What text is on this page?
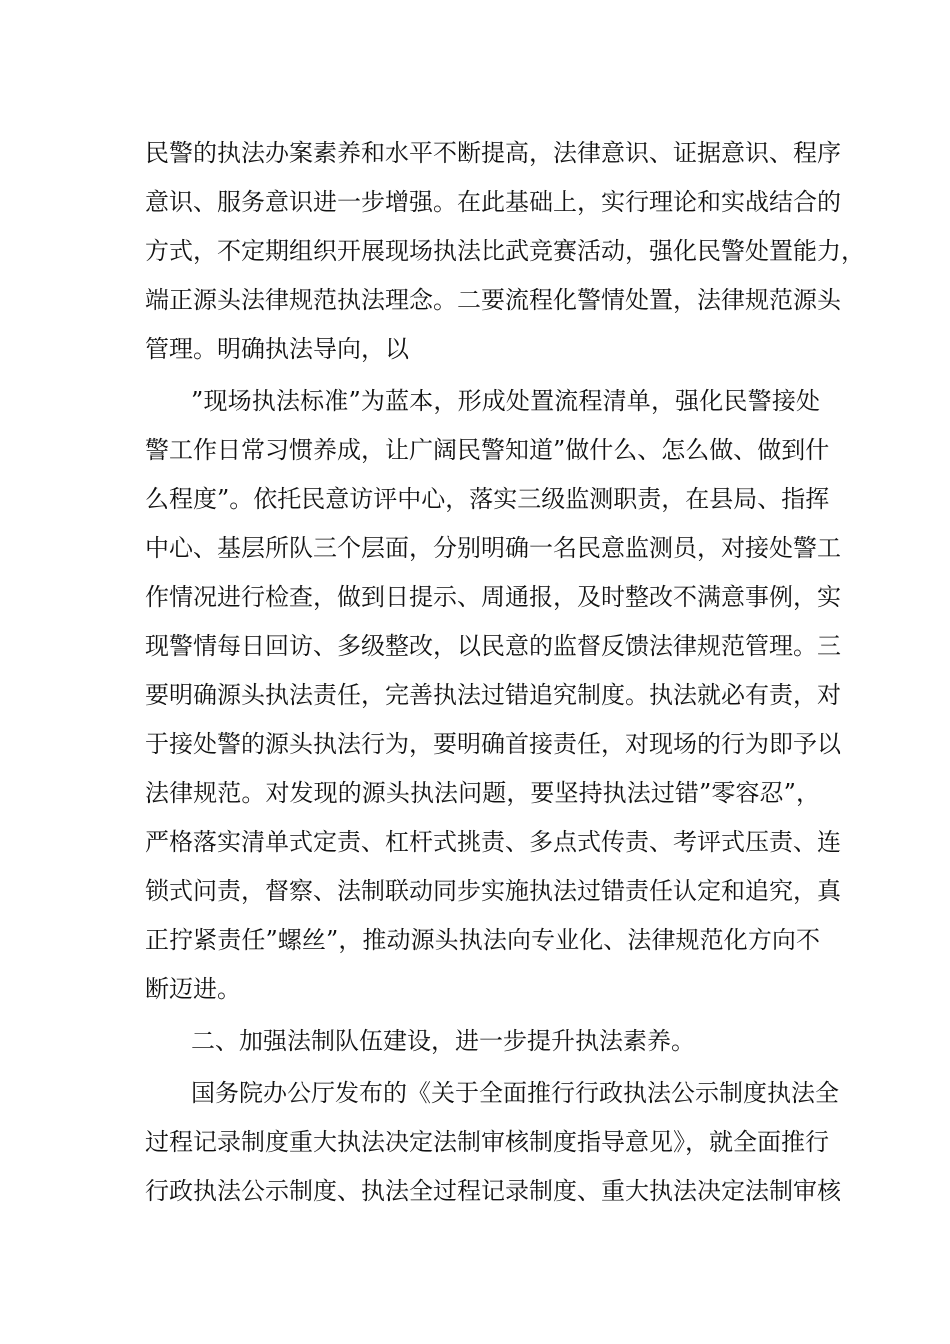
民警的执法办案素养和水平不断提高，法律意识、证据意识、程序
意识、服务意识进一步增强。在此基础上，实行理论和实战结合的
方式，不定期组织开展现场执法比武竞赛活动，强化民警处置能力，
端正源头法律规范执法理念。二要流程化警情处置，法律规范源头
管理。明确执法导向，以
”现场执法标准”为蓝本，形成处置流程清单，强化民警接处
警工作日常习惯养成，让广阔民警知道”做什么、怎么做、做到什
么程度”。依托民意访评中心，落实三级监测职责，在县局、指挥
中心、基层所队三个层面，分别明确一名民意监测员，对接处警工
作情况进行检查，做到日提示、周通报，及时整改不满意事例，实
现警情每日回访、多级整改，以民意的监督反馈法律规范管理。三
要明确源头执法责任，完善执法过错追究制度。执法就必有责，对
于接处警的源头执法行为，要明确首接责任，对现场的行为即予以
法律规范。对发现的源头执法问题，要坚持执法过错”零容忍”，
严格落实清单式定责、杠杆式挑责、多点式传责、考评式压责、连
锁式问责，督察、法制联动同步实施执法过错责任认定和追究，真
正拧紧责任”螺丝”，推动源头执法向专业化、法律规范化方向不
断迈进。
二、加强法制队伍建设，进一步提升执法素养。
国务院办公厅发布的《关于全面推行行政执法公示制度执法全
过程记录制度重大执法决定法制审核制度指导意见》，就全面推行
行政执法公示制度、执法全过程记录制度、重大执法决定法制审核
